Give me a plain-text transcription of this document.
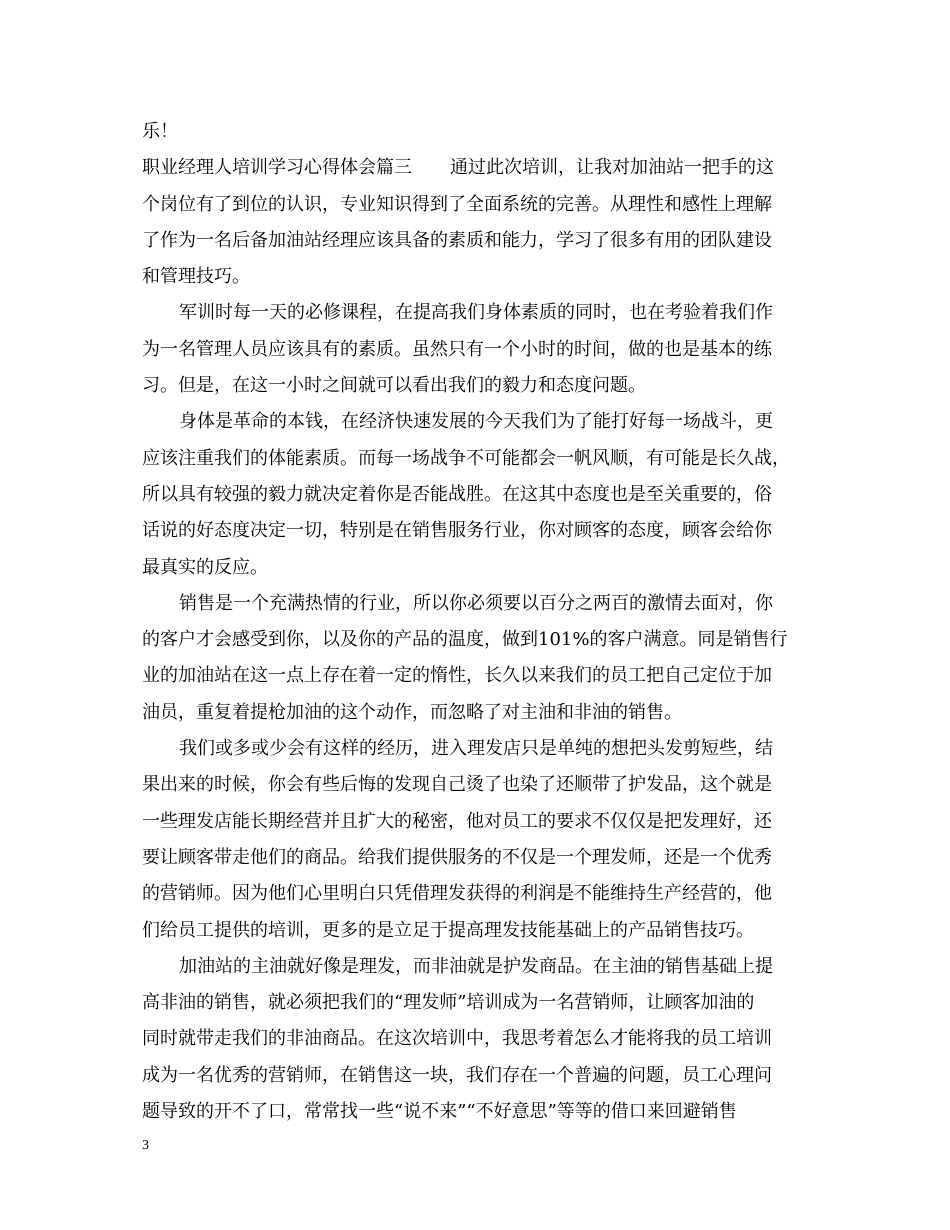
乐！
职业经理人培训学习心得体会篇三 通过此次培训，让我对加油站一把手的这
个岗位有了到位的认识，专业知识得到了全面系统的完善。从理性和感性上理解
了作为一名后备加油站经理应该具备的素质和能力，学习了很多有用的团队建设
和管理技巧。
军训时每一天的必修课程，在提高我们身体素质的同时，也在考验着我们作
为一名管理人员应该具有的素质。虽然只有一个小时的时间，做的也是基本的练
习。但是，在这一小时之间就可以看出我们的毅力和态度问题。
身体是革命的本钱，在经济快速发展的今天我们为了能打好每一场战斗，更
应该注重我们的体能素质。而每一场战争不可能都会一帆风顺，有可能是长久战，
所以具有较强的毅力就决定着你是否能战胜。在这其中态度也是至关重要的，俗
话说的好态度决定一切，特别是在销售服务行业，你对顾客的态度，顾客会给你
最真实的反应。
销售是一个充满热情的行业，所以你必须要以百分之两百的激情去面对，你
的客户才会感受到你，以及你的产品的温度，做到101%的客户满意。同是销售行
业的加油站在这一点上存在着一定的惰性，长久以来我们的员工把自己定位于加
油员，重复着提枪加油的这个动作，而忽略了对主油和非油的销售。
我们或多或少会有这样的经历，进入理发店只是单纯的想把头发剪短些，结
果出来的时候，你会有些后悔的发现自己烫了也染了还顺带了护发品，这个就是
一些理发店能长期经营并且扩大的秘密，他对员工的要求不仅仅是把发理好，还
要让顾客带走他们的商品。给我们提供服务的不仅是一个理发师，还是一个优秀
的营销师。因为他们心里明白只凭借理发获得的利润是不能维持生产经营的，他
们给员工提供的培训，更多的是立足于提高理发技能基础上的产品销售技巧。
加油站的主油就好像是理发，而非油就是护发商品。在主油的销售基础上提
高非油的销售，就必须把我们的“理发师”培训成为一名营销师，让顾客加油的
同时就带走我们的非油商品。在这次培训中，我思考着怎么才能将我的员工培训
成为一名优秀的营销师，在销售这一块，我们存在一个普遍的问题，员工心理问
题导致的开不了口，常常找一些“说不来”“不好意思”等等的借口来回避销售
3
